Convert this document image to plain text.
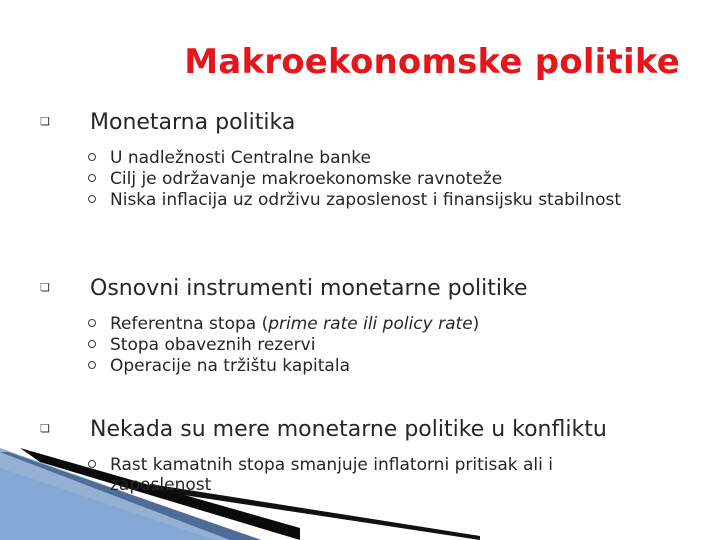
Makroekonomske politike
❏ Monetarna politika
U nadležnosti Centralne banke
Cilj je održavanje makroekonomske ravnoteže
Niska inflacija uz održivu zaposlenost i finansijsku stabilnost
❏ Osnovni instrumenti monetarne politike
Referentna stopa (prime rate ili policy rate)
Stopa obaveznih rezervi
Operacije na tržištu kapitala
❏ Nekada su mere monetarne politike u konfliktu
Rast kamatnih stopa smanjuje inflatorni pritisak ali i zaposlenost
